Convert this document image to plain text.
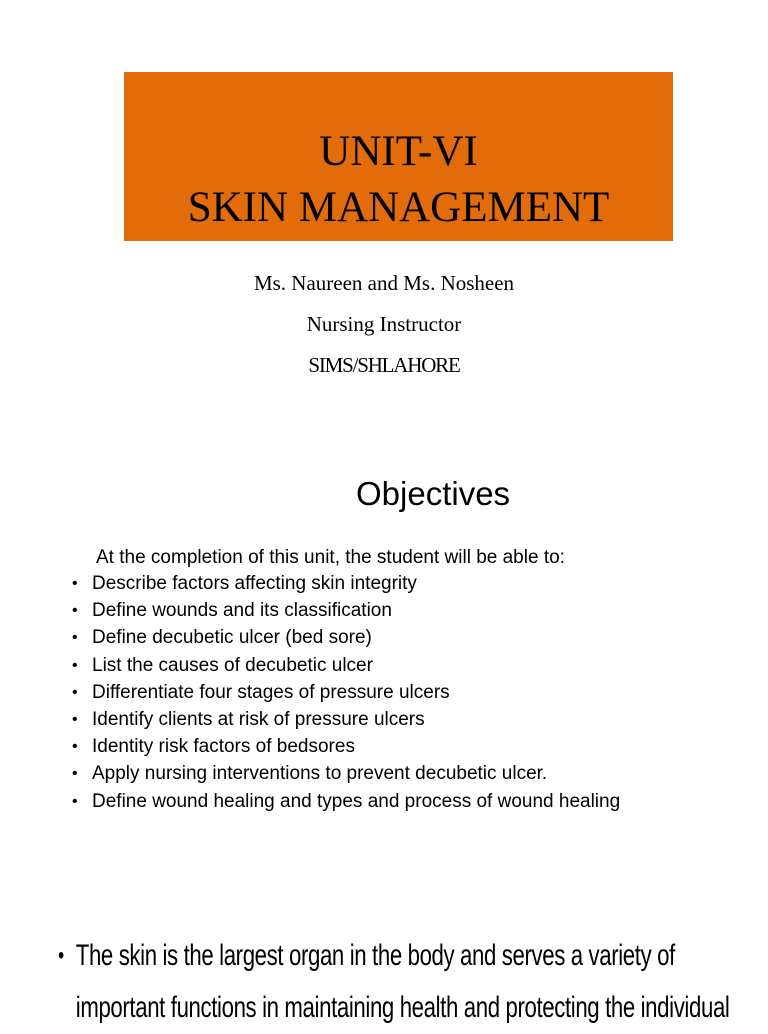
UNIT-VI
SKIN MANAGEMENT
Ms. Naureen and Ms. Nosheen
Nursing Instructor
SIMS/SHLAHORE
Objectives
At the completion of this unit, the student will be able to:
• Describe factors affecting skin integrity
• Define wounds and its classification
• Define decubetic ulcer (bed sore)
• List the causes of decubetic ulcer
• Differentiate four stages of pressure ulcers
• Identify clients at risk of pressure ulcers
• Identity risk factors of bedsores
• Apply nursing interventions to prevent decubetic ulcer.
• Define wound healing and types and process of wound healing
• The skin is the largest organ in the body and serves a variety of
important functions in maintaining health and protecting the individual
